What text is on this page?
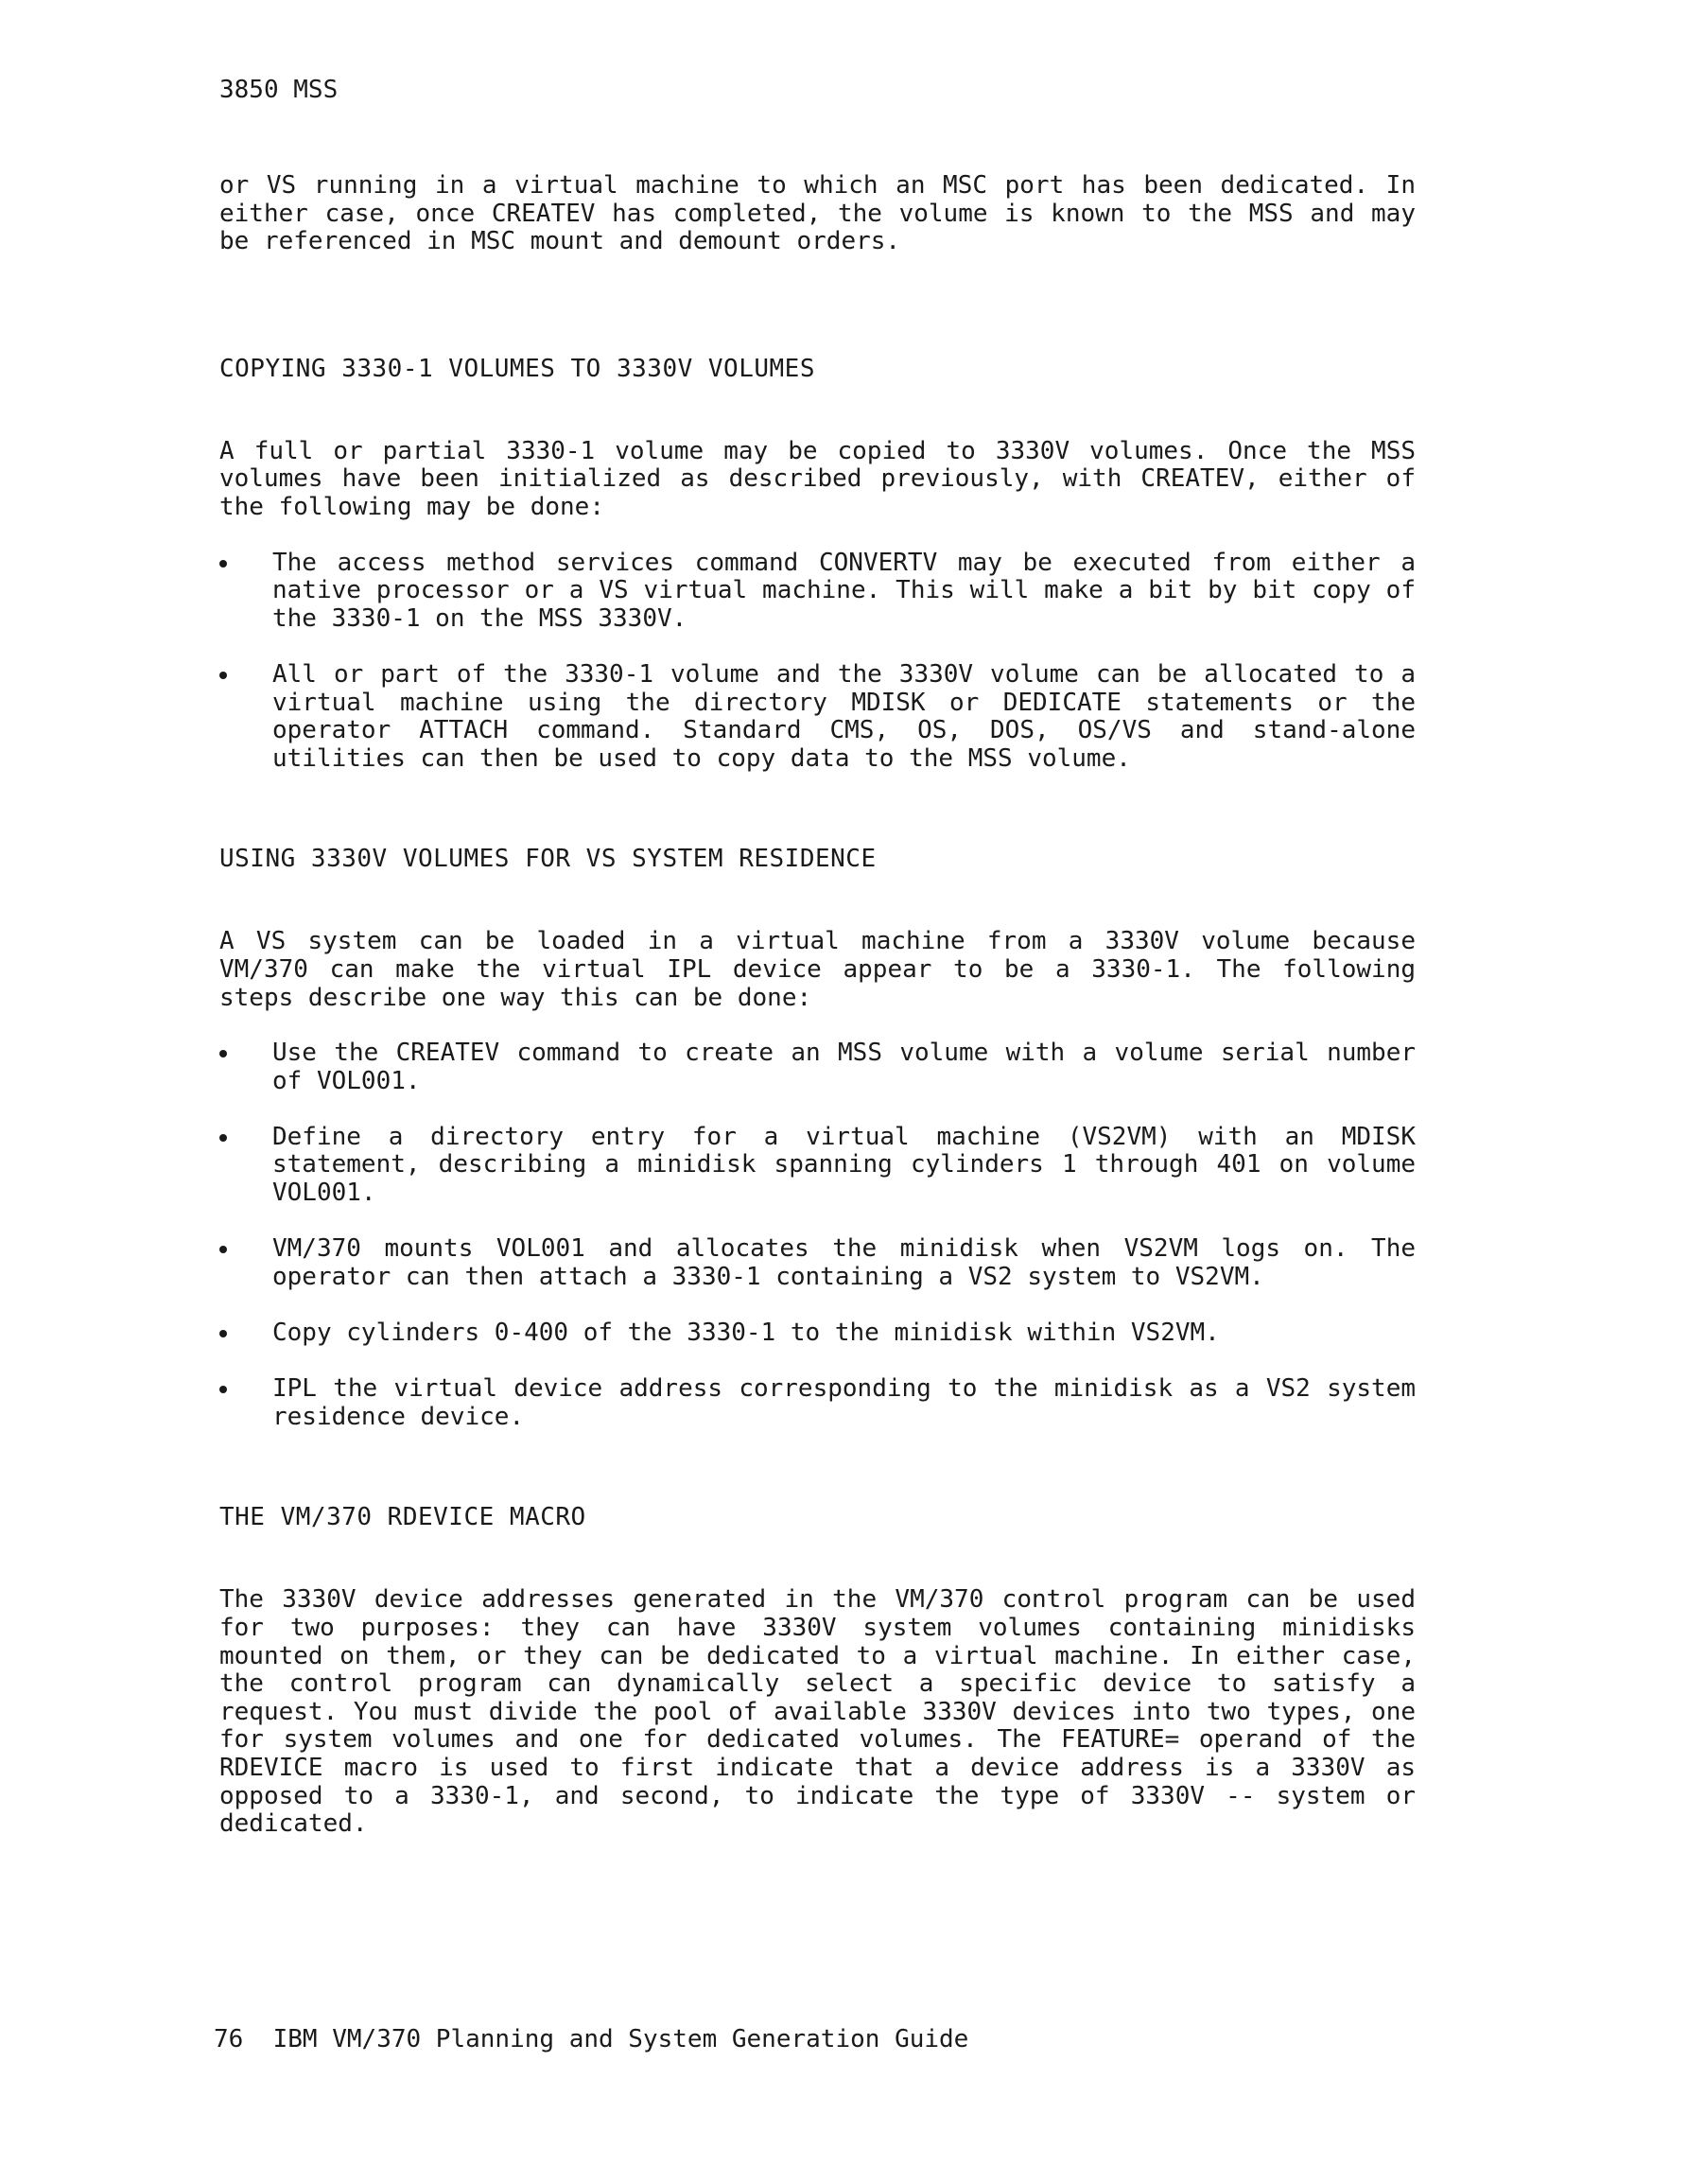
3850 MSS

or VS running in a virtual machine to which an MSC port has been dedicated. In either case, once CREATEV has completed, the volume is known to the MSS and may be referenced in MSC mount and demount orders.

COPYING 3330-1 VOLUMES TO 3330V VOLUMES

A full or partial 3330-1 volume may be copied to 3330V volumes. Once the MSS volumes have been initialized as described previously, with CREATEV, either of the following may be done:

The access method services command CONVERTV may be executed from either a native processor or a VS virtual machine. This will make a bit by bit copy of the 3330-1 on the MSS 3330V.
All or part of the 3330-1 volume and the 3330V volume can be allocated to a virtual machine using the directory MDISK or DEDICATE statements or the operator ATTACH command. Standard CMS, OS, DOS, OS/VS and stand-alone utilities can then be used to copy data to the MSS volume.
USING 3330V VOLUMES FOR VS SYSTEM RESIDENCE

A VS system can be loaded in a virtual machine from a 3330V volume because VM/370 can make the virtual IPL device appear to be a 3330-1. The following steps describe one way this can be done:

Use the CREATEV command to create an MSS volume with a volume serial number of VOL001.
Define a directory entry for a virtual machine (VS2VM) with an MDISK statement, describing a minidisk spanning cylinders 1 through 401 on volume VOL001.
VM/370 mounts VOL001 and allocates the minidisk when VS2VM logs on. The operator can then attach a 3330-1 containing a VS2 system to VS2VM.
Copy cylinders 0-400 of the 3330-1 to the minidisk within VS2VM.
IPL the virtual device address corresponding to the minidisk as a VS2 system residence device.
THE VM/370 RDEVICE MACRO

The 3330V device addresses generated in the VM/370 control program can be used for two purposes: they can have 3330V system volumes containing minidisks mounted on them, or they can be dedicated to a virtual machine. In either case, the control program can dynamically select a specific device to satisfy a request. You must divide the pool of available 3330V devices into two types, one for system volumes and one for dedicated volumes. The FEATURE= operand of the RDEVICE macro is used to first indicate that a device address is a 3330V as opposed to a 3330-1, and second, to indicate the type of 3330V -- system or dedicated.

76 IBM VM/370 Planning and System Generation Guide
